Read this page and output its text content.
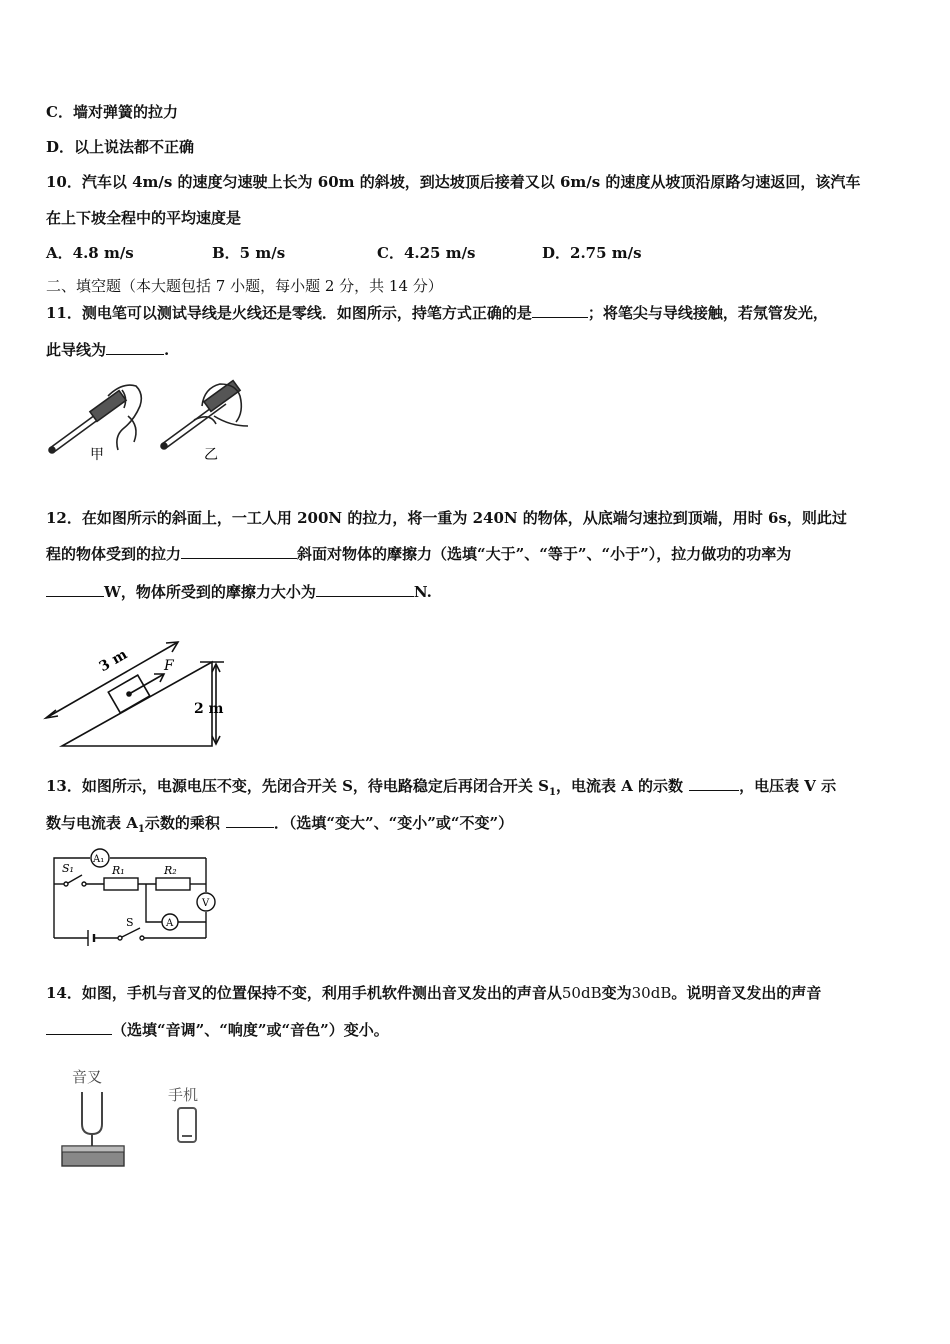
C．墙对弹簧的拉力
D．以上说法都不正确
10．汽车以 4m/s 的速度匀速驶上长为 60m 的斜坡，到达坡顶后接着又以 6m/s 的速度从坡顶沿原路匀速返回，该汽车
在上下坡全程中的平均速度是
A．4.8 m/s	B．5 m/s	C．4.25 m/s	D．2.75 m/s
二、填空题（本大题包括 7 小题，每小题 2 分，共 14 分）
11．测电笔可以测试导线是火线还是零线．如图所示，持笔方式正确的是	；将笔尖与导线接触，若氖管发光，
此导线为	.
甲	乙
12．在如图所示的斜面上，一工人用 200N 的拉力，将一重为 240N 的物体，从底端匀速拉到顶端，用时 6s，则此过
程的物体受到的拉力	斜面对物体的摩擦力（选填“大于”、“等于”、“小于”），拉力做功的功率为
W，物体所受到的摩擦力大小为	N.
3 m F
2 m
13．如图所示，电源电压不变，先闭合开关 S，待电路稳定后再闭合开关 $S_1$，电流表 A 的示数	，电压表 V 示
数与电流表 $A_1$示数的乘积	．（选填“变大”、“变小”或“不变”）
A₁
A
V
S₁	R₁	R₂
S
14．如图，手机与音叉的位置保持不变，利用手机软件测出音叉发出的声音从50dB变为30dB。说明音叉发出的声音
（选填“音调”、“响度”或“音色”）变小。
音叉
手机
